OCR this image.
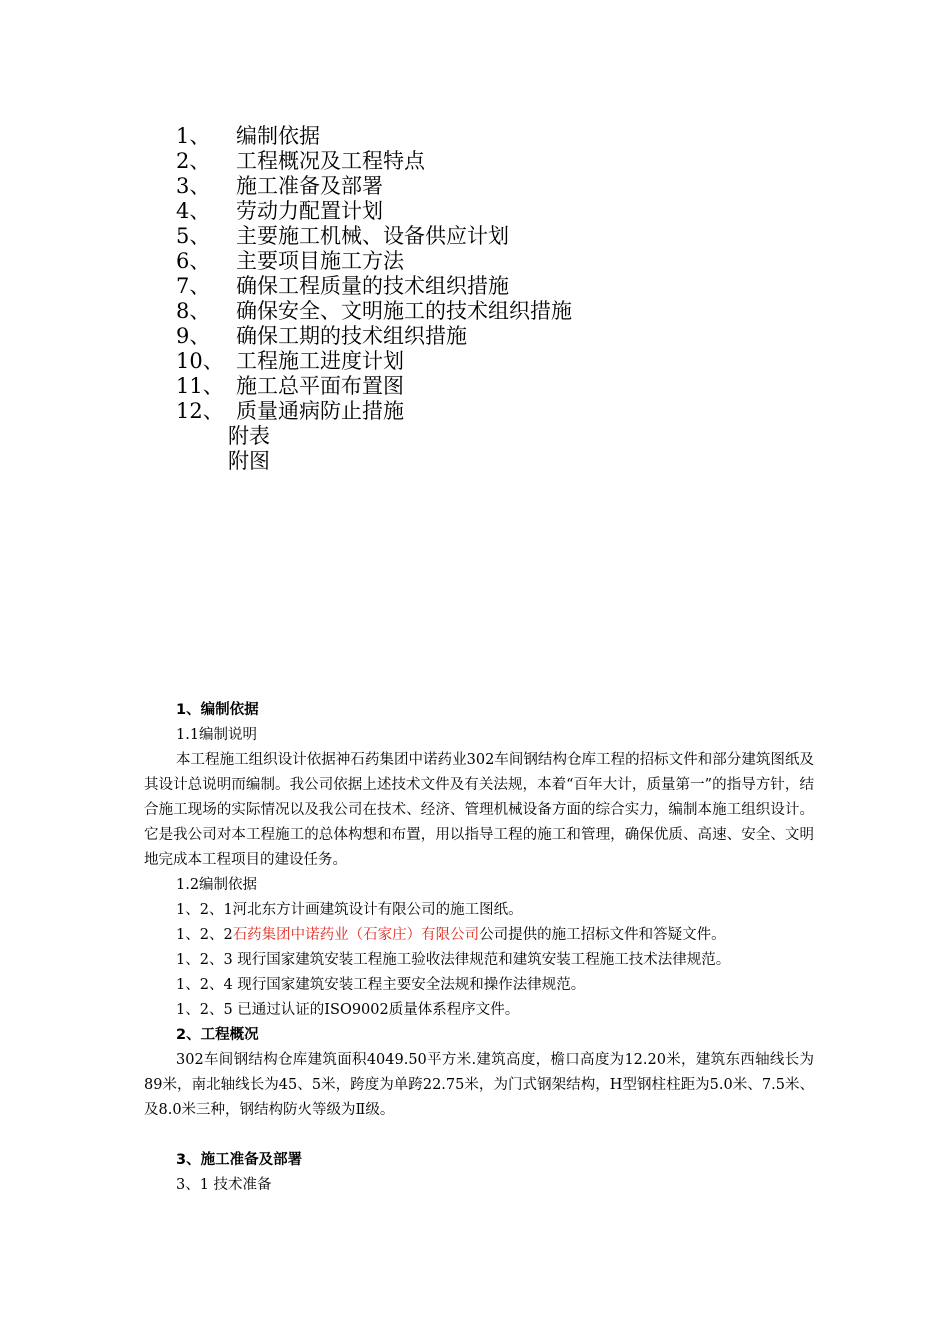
1、	编制依据
2、	工程概况及工程特点
3、	施工准备及部署
4、	劳动力配置计划
5、	主要施工机械、设备供应计划
6、	主要项目施工方法
7、	确保工程质量的技术组织措施
8、	确保安全、文明施工的技术组织措施
9、	确保工期的技术组织措施
10、 工程施工进度计划
11、 施工总平面布置图
12、 质量通病防止措施
附表
附图
1、编制依据
1.1编制说明

本工程施工组织设计依据神石药集团中诺药业302车间钢结构仓库工程的招标文件和部分建筑图纸及其设计总说明而编制。我公司依据上述技术文件及有关法规，本着“百年大计，质量第一”的指导方针，结合施工现场的实际情况以及我公司在技术、经济、管理机械设备方面的综合实力，编制本施工组织设计。它是我公司对本工程施工的总体构想和布置，用以指导工程的施工和管理，确保优质、高速、安全、文明地完成本工程项目的建设任务。

1.2编制依据
1、2、1河北东方计画建筑设计有限公司的施工图纸。
1、2、2石药集团中诺药业（石家庄）有限公司公司提供的施工招标文件和答疑文件。
1、2、3 现行国家建筑安装工程施工验收法律规范和建筑安装工程施工技术法律规范。
1、2、4 现行国家建筑安装工程主要安全法规和操作法律规范。
1、2、5 已通过认证的ISO9002质量体系程序文件。
2、工程概况

302车间钢结构仓库建筑面积4049.50平方米.建筑高度，檐口高度为12.20米，建筑东西轴线长为89米，南北轴线长为45、5米，跨度为单跨22.75米，为门式钢架结构，H型钢柱柱距为5.0米、7.5米、及8.0米三种，钢结构防火等级为Ⅱ级。

3、施工准备及部署
3、1 技术准备
